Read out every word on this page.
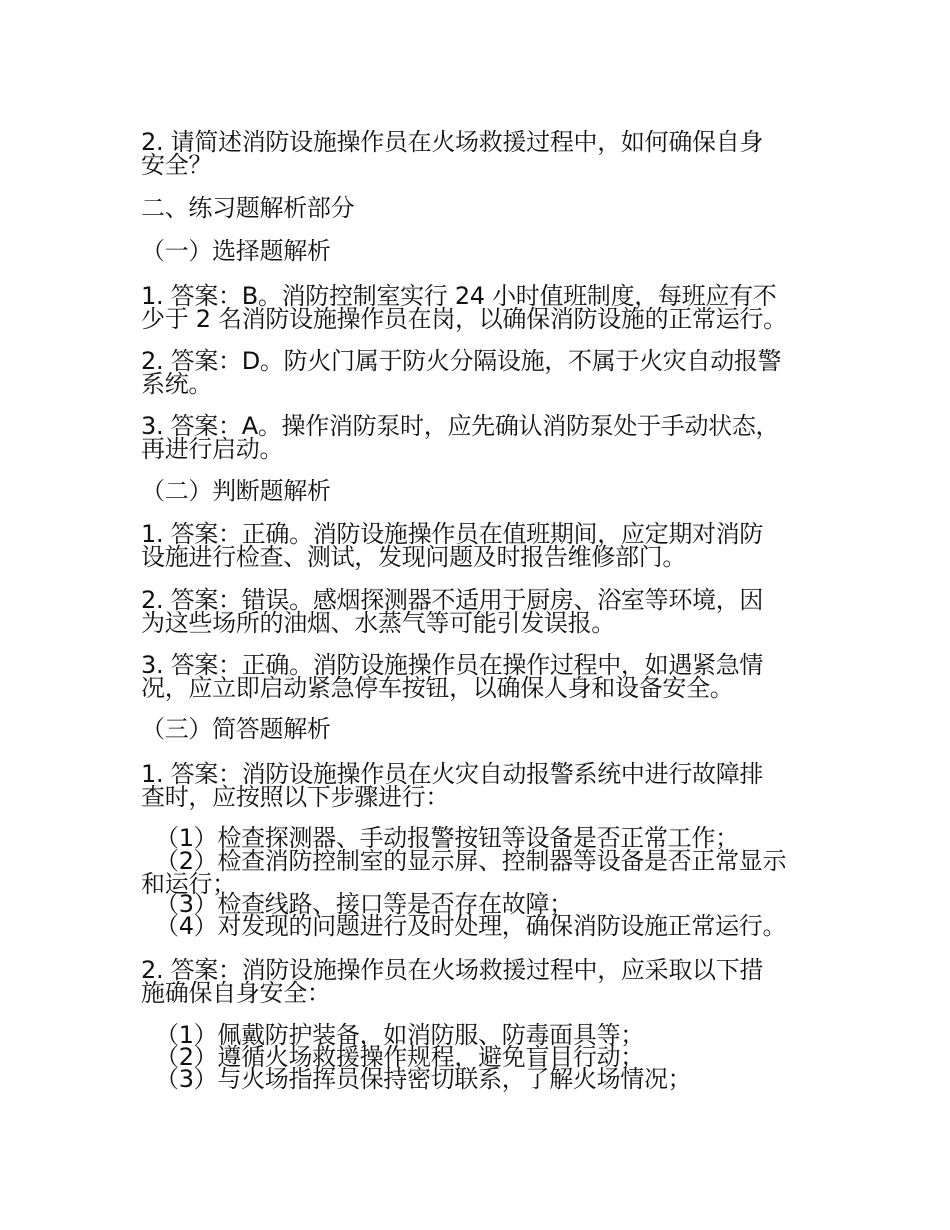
2. 请简述消防设施操作员在火场救援过程中，如何确保自身
安全？
二、练习题解析部分
（一）选择题解析
1. 答案：B。消防控制室实行 24 小时值班制度，每班应有不
少于 2 名消防设施操作员在岗，以确保消防设施的正常运行。
2. 答案：D。防火门属于防火分隔设施，不属于火灾自动报警
系统。
3. 答案：A。操作消防泵时，应先确认消防泵处于手动状态，
再进行启动。
（二）判断题解析
1. 答案：正确。消防设施操作员在值班期间，应定期对消防
设施进行检查、测试，发现问题及时报告维修部门。
2. 答案：错误。感烟探测器不适用于厨房、浴室等环境，因
为这些场所的油烟、水蒸气等可能引发误报。
3. 答案：正确。消防设施操作员在操作过程中，如遇紧急情
况，应立即启动紧急停车按钮，以确保人身和设备安全。
（三）简答题解析
1. 答案：消防设施操作员在火灾自动报警系统中进行故障排
查时，应按照以下步骤进行：
（1）检查探测器、手动报警按钮等设备是否正常工作；
（2）检查消防控制室的显示屏、控制器等设备是否正常显示
和运行；
（3）检查线路、接口等是否存在故障；
（4）对发现的问题进行及时处理，确保消防设施正常运行。
2. 答案：消防设施操作员在火场救援过程中，应采取以下措
施确保自身安全：
（1）佩戴防护装备，如消防服、防毒面具等；
（2）遵循火场救援操作规程，避免盲目行动；
（3）与火场指挥员保持密切联系，了解火场情况；
